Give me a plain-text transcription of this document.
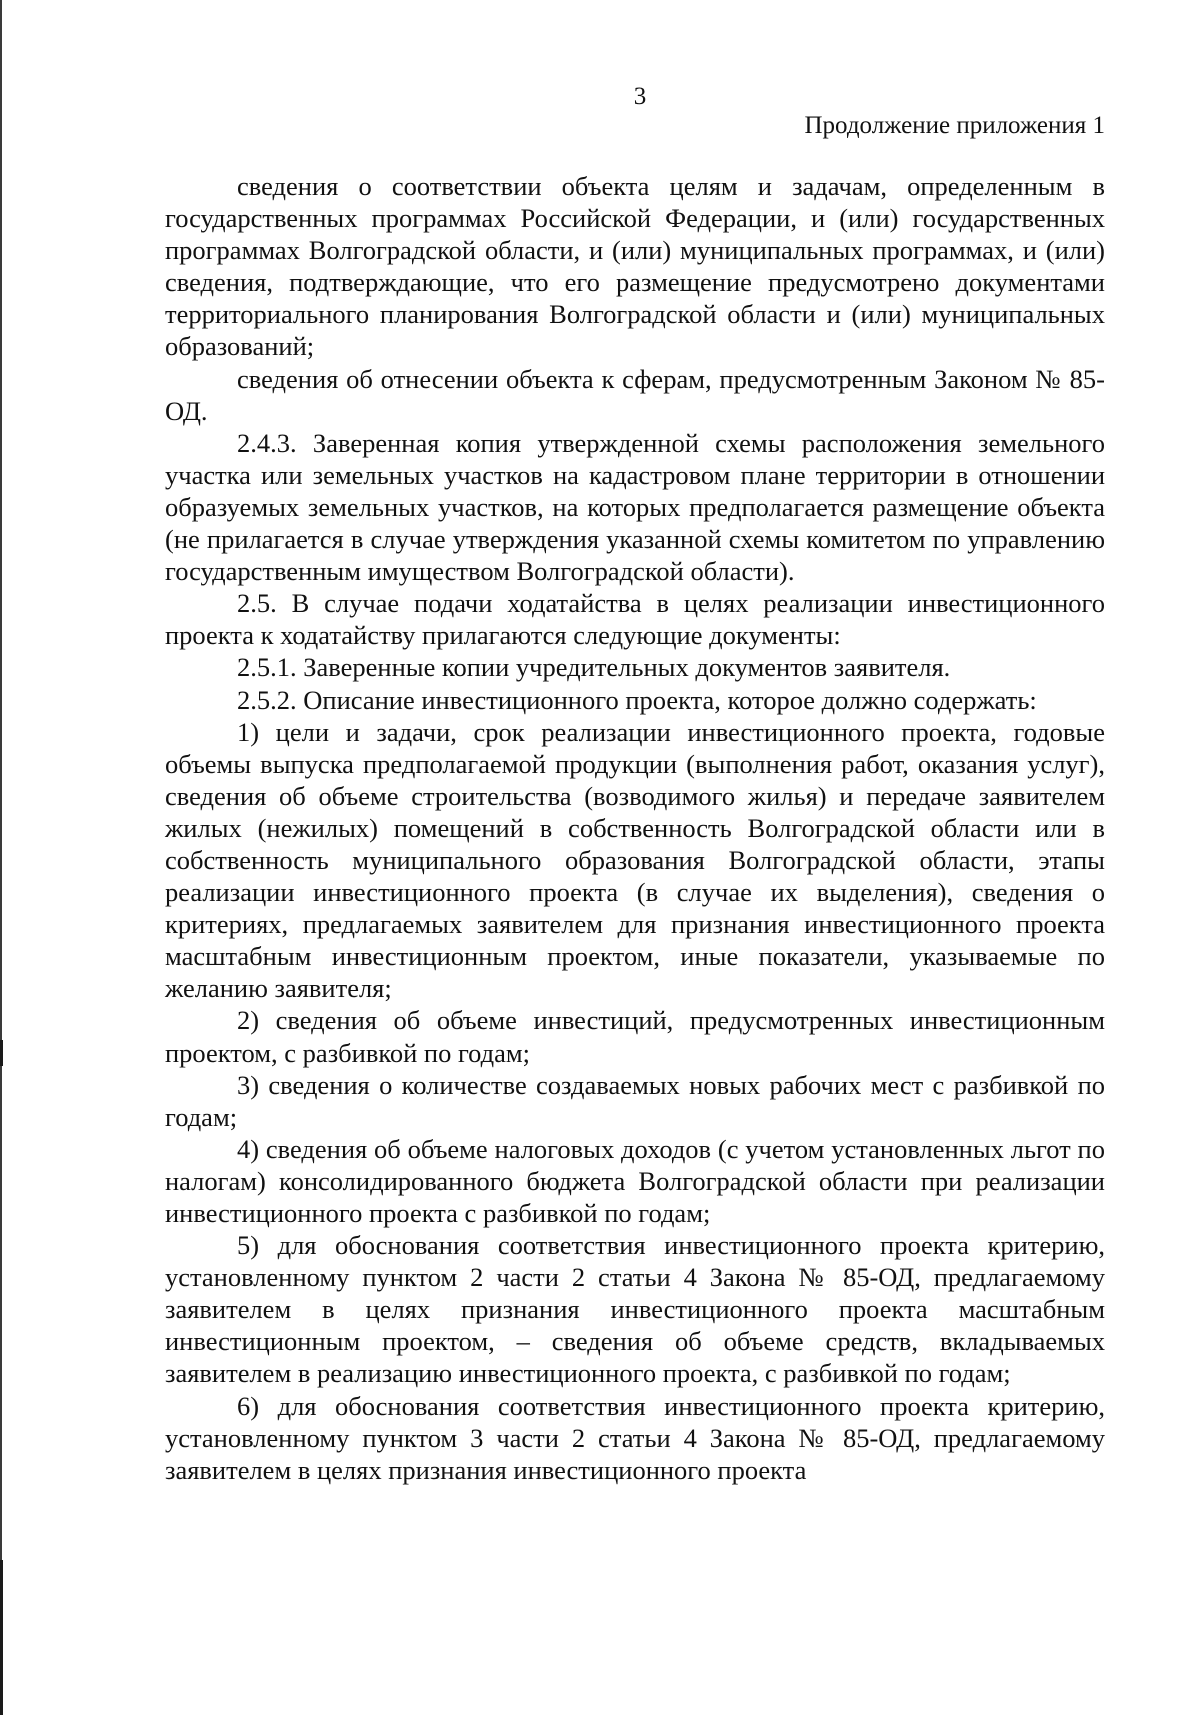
3
Продолжение приложения 1

сведения о соответствии объекта целям и задачам, определенным в государственных программах Российской Федерации, и (или) государственных программах Волгоградской области, и (или) муниципальных программах, и (или) сведения, подтверждающие, что его размещение предусмотрено документами территориального планирования Волгоградской области и (или) муниципальных образований;

сведения об отнесении объекта к сферам, предусмотренным Законом № 85-ОД.

2.4.3. Заверенная копия утвержденной схемы расположения земельного участка или земельных участков на кадастровом плане территории в отношении образуемых земельных участков, на которых предполагается размещение объекта (не прилагается в случае утверждения указанной схемы комитетом по управлению государственным имуществом Волгоградской области).

2.5. В случае подачи ходатайства в целях реализации инвестиционного проекта к ходатайству прилагаются следующие документы:

2.5.1. Заверенные копии учредительных документов заявителя.

2.5.2. Описание инвестиционного проекта, которое должно содержать:

1) цели и задачи, срок реализации инвестиционного проекта, годовые объемы выпуска предполагаемой продукции (выполнения работ, оказания услуг), сведения об объеме строительства (возводимого жилья) и передаче заявителем жилых (нежилых) помещений в собственность Волгоградской области или в собственность муниципального образования Волгоградской области, этапы реализации инвестиционного проекта (в случае их выделения), сведения о критериях, предлагаемых заявителем для признания инвестиционного проекта масштабным инвестиционным проектом, иные показатели, указываемые по желанию заявителя;

2) сведения об объеме инвестиций, предусмотренных инвестиционным проектом, с разбивкой по годам;

3) сведения о количестве создаваемых новых рабочих мест с разбивкой по годам;

4) сведения об объеме налоговых доходов (с учетом установленных льгот по налогам) консолидированного бюджета Волгоградской области при реализации инвестиционного проекта с разбивкой по годам;

5) для обоснования соответствия инвестиционного проекта критерию, установленному пунктом 2 части 2 статьи 4 Закона № 85-ОД, предлагаемому заявителем в целях признания инвестиционного проекта масштабным инвестиционным проектом, – сведения об объеме средств, вкладываемых заявителем в реализацию инвестиционного проекта, с разбивкой по годам;

6) для обоснования соответствия инвестиционного проекта критерию, установленному пунктом 3 части 2 статьи 4 Закона № 85-ОД, предлагаемому заявителем в целях признания инвестиционного проекта
